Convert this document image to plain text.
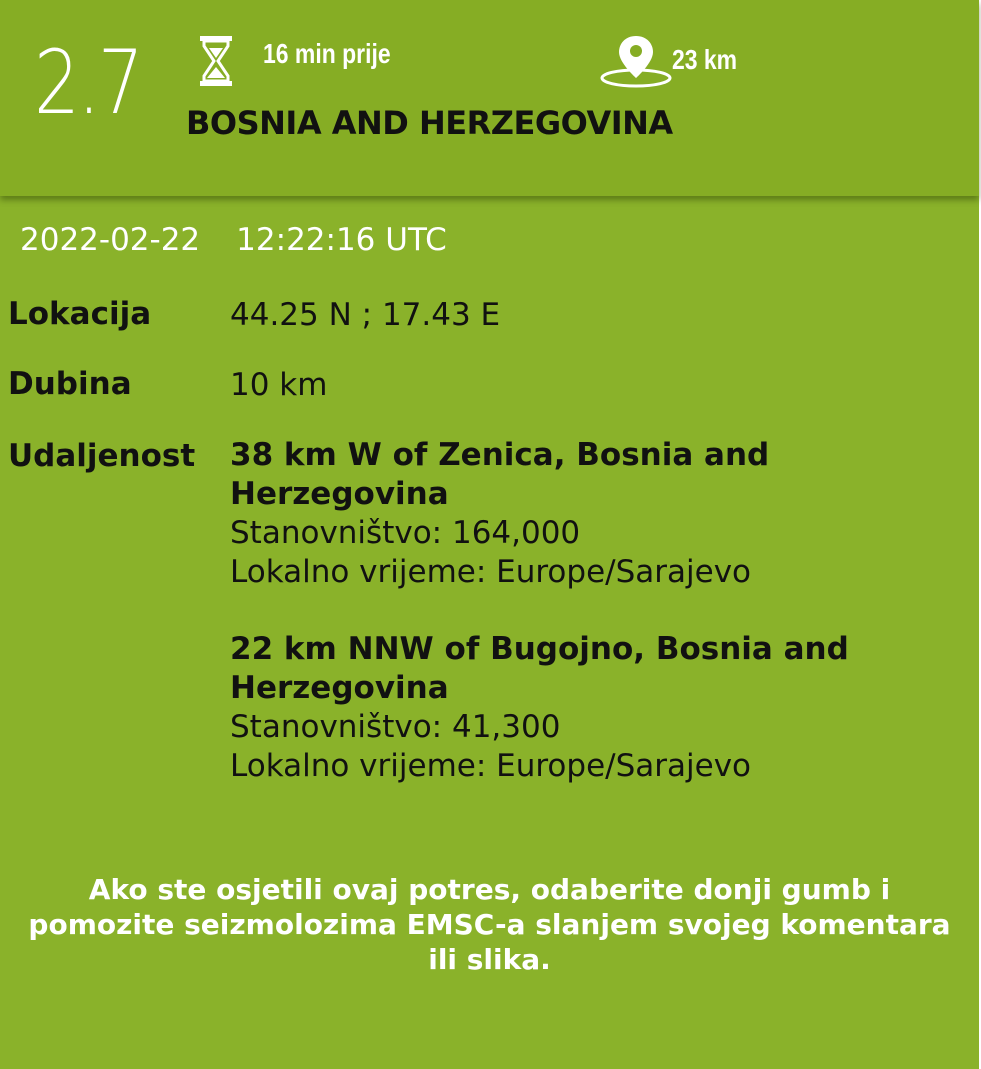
2.7	16 min prije	23 km
BOSNIA AND HERZEGOVINA
2022-02-22 12:22:16 UTC
Lokacija	44.25 N ; 17.43 E
Dubina	10 km
Udaljenost 38 km W of Zenica, Bosnia and
Herzegovina
Stanovništvo: 164,000
Lokalno vrijeme: Europe/Sarajevo
22 km NNW of Bugojno, Bosnia and
Herzegovina
Stanovništvo: 41,300
Lokalno vrijeme: Europe/Sarajevo
Ako ste osjetili ovaj potres, odaberite donji gumb i
pomozite seizmolozima EMSC-a slanjem svojeg komentara
ili slika.
